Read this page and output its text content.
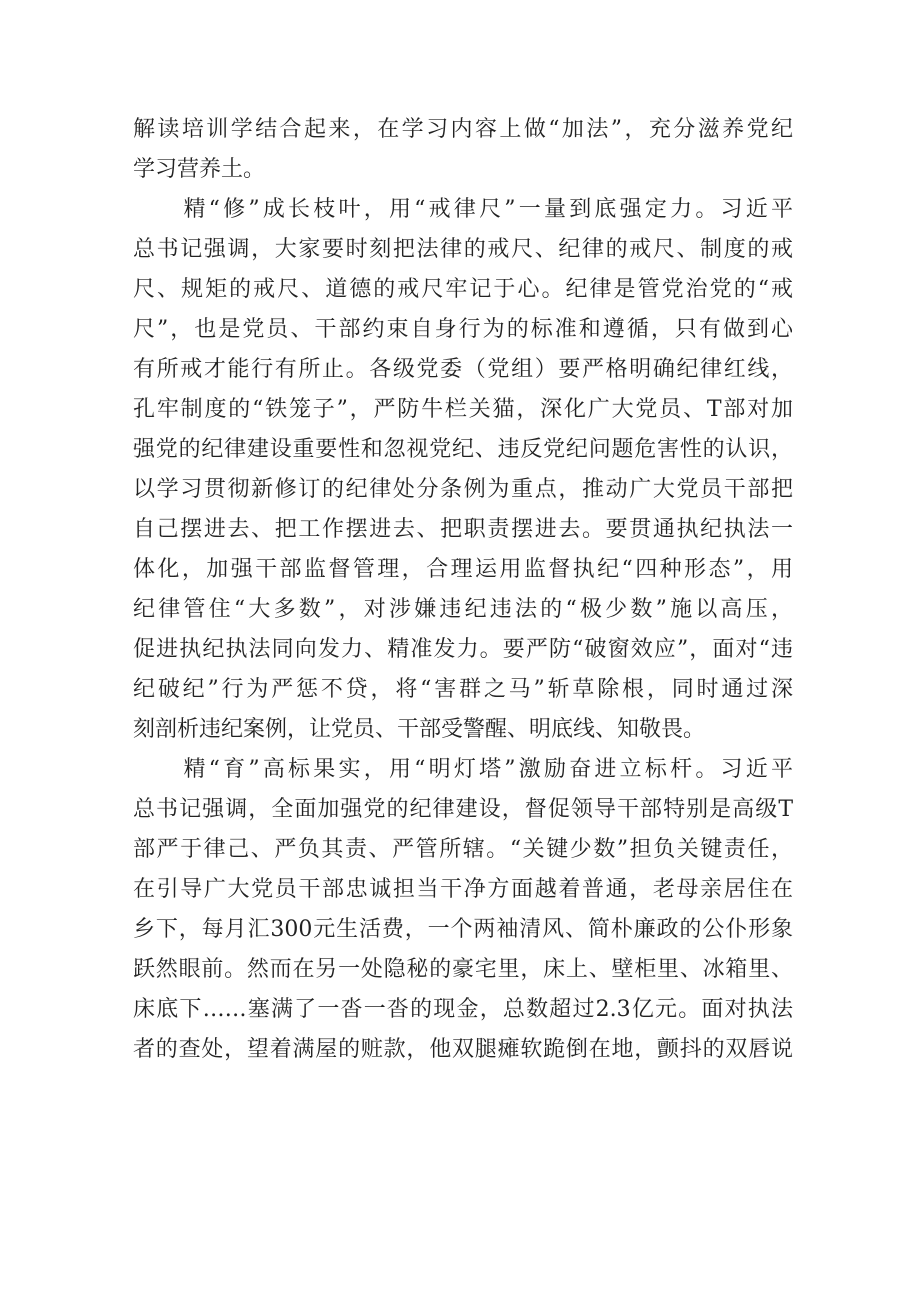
解读培训学结合起来，在学习内容上做“加法”，充分滋养党纪
学习营养土。
　　精“修”成长枝叶，用“戒律尺”一量到底强定力。习近平
总书记强调，大家要时刻把法律的戒尺、纪律的戒尺、制度的戒
尺、规矩的戒尺、道德的戒尺牢记于心。纪律是管党治党的“戒
尺”，也是党员、干部约束自身行为的标准和遵循，只有做到心
有所戒才能行有所止。各级党委（党组）要严格明确纪律红线，
孔牢制度的“铁笼子”，严防牛栏关猫，深化广大党员、T部对加
强党的纪律建设重要性和忽视党纪、违反党纪问题危害性的认识，
以学习贯彻新修订的纪律处分条例为重点，推动广大党员干部把
自己摆进去、把工作摆进去、把职责摆进去。要贯通执纪执法一
体化，加强干部监督管理，合理运用监督执纪“四种形态”，用
纪律管住“大多数”，对涉嫌违纪违法的“极少数”施以高压，
促进执纪执法同向发力、精准发力。要严防“破窗效应”，面对“违
纪破纪”行为严惩不贷，将“害群之马”斩草除根，同时通过深
刻剖析违纪案例，让党员、干部受警醒、明底线、知敬畏。
　　精“育”高标果实，用“明灯塔”激励奋进立标杆。习近平
总书记强调，全面加强党的纪律建设，督促领导干部特别是高级T
部严于律己、严负其责、严管所辖。“关键少数”担负关键责任，
在引导广大党员干部忠诚担当干净方面越着普通，老母亲居住在
乡下，每月汇300元生活费，一个两袖清风、简朴廉政的公仆形象
跃然眼前。然而在另一处隐秘的豪宅里，床上、壁柜里、冰箱里、
床底下……塞满了一沓一沓的现金，总数超过2.3亿元。面对执法
者的查处，望着满屋的赃款，他双腿瘫软跪倒在地，颤抖的双唇说
